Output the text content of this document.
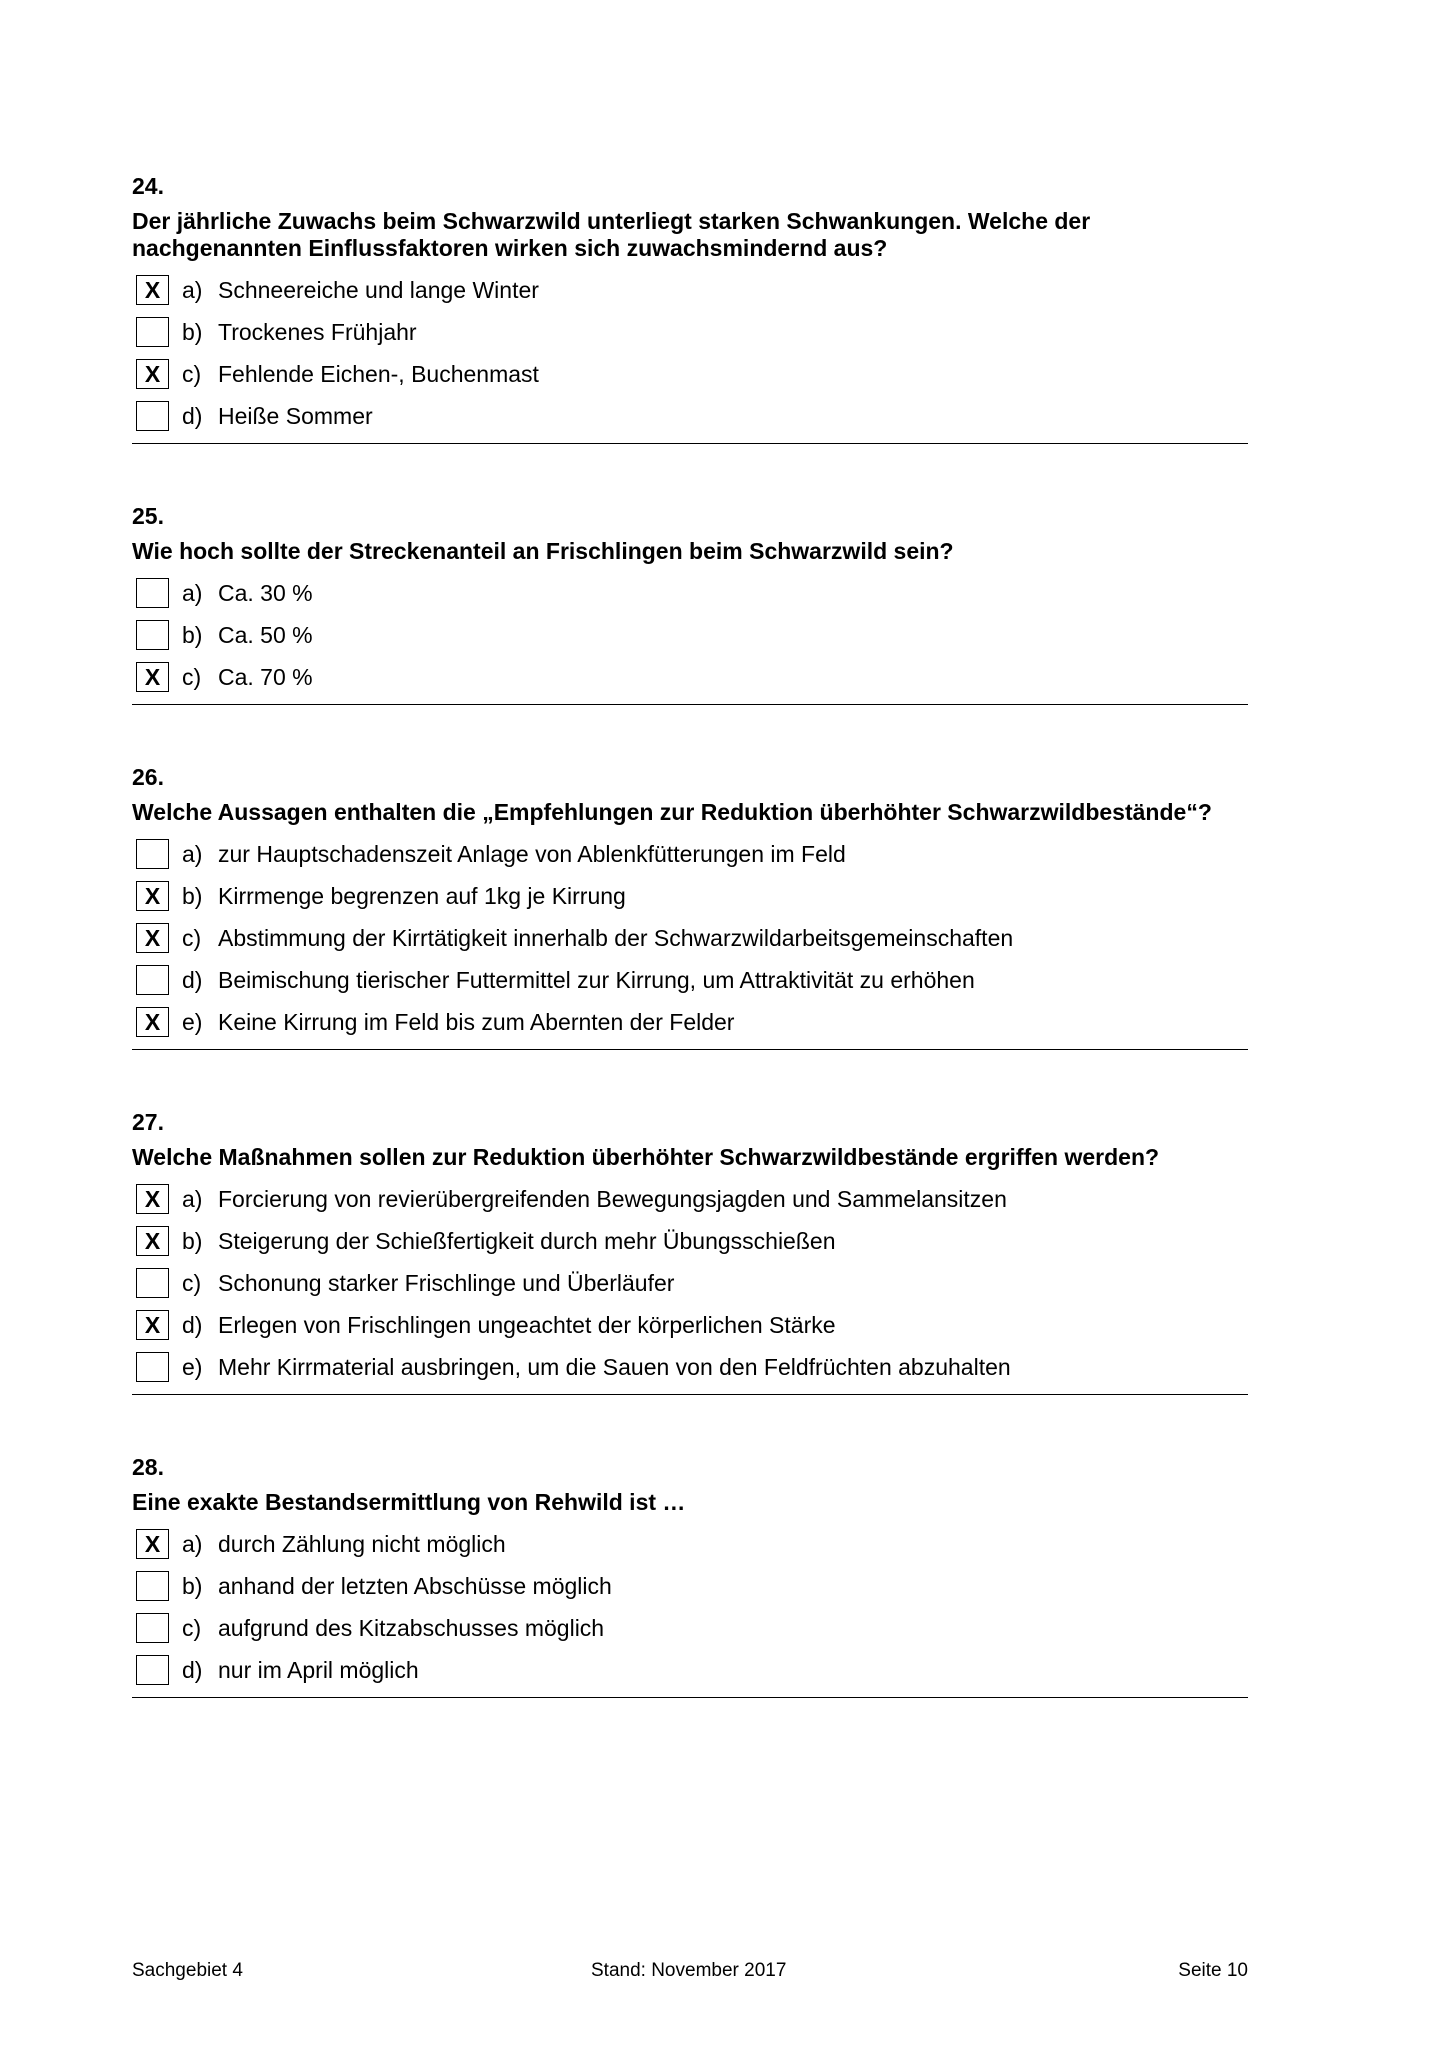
24.
Der jährliche Zuwachs beim Schwarzwild unterliegt starken Schwankungen. Welche der nachgenannten Einflussfaktoren wirken sich zuwachsmindernd aus?
X a) Schneereiche und lange Winter
b) Trockenes Frühjahr
X c) Fehlende Eichen-, Buchenmast
d) Heiße Sommer
25.
Wie hoch sollte der Streckenanteil an Frischlingen beim Schwarzwild sein?
a) Ca. 30 %
b) Ca. 50 %
X c) Ca. 70 %
26.
Welche Aussagen enthalten die „Empfehlungen zur Reduktion überhöhter Schwarzwildbestände“?
a) zur Hauptschadenszeit Anlage von Ablenkfütterungen im Feld
X b) Kirrmenge begrenzen auf 1kg je Kirrung
X c) Abstimmung der Kirrtätigkeit innerhalb der Schwarzwildarbeitsgemeinschaften
d) Beimischung tierischer Futtermittel zur Kirrung, um Attraktivität zu erhöhen
X e) Keine Kirrung im Feld bis zum Abernten der Felder
27.
Welche Maßnahmen sollen zur Reduktion überhöhter Schwarzwildbestände ergriffen werden?
X a) Forcierung von revierübergreifenden Bewegungsjagden und Sammelansitzen
X b) Steigerung der Schießfertigkeit durch mehr Übungsschießen
c) Schonung starker Frischlinge und Überläufer
X d) Erlegen von Frischlingen ungeachtet der körperlichen Stärke
e) Mehr Kirrmaterial ausbringen, um die Sauen von den Feldfrüchten abzuhalten
28.
Eine exakte Bestandsermittlung von Rehwild ist …
X a) durch Zählung nicht möglich
b) anhand der letzten Abschüsse möglich
c) aufgrund des Kitzabschusses möglich
d) nur im April möglich
Sachgebiet 4	Stand: November 2017	Seite 10
